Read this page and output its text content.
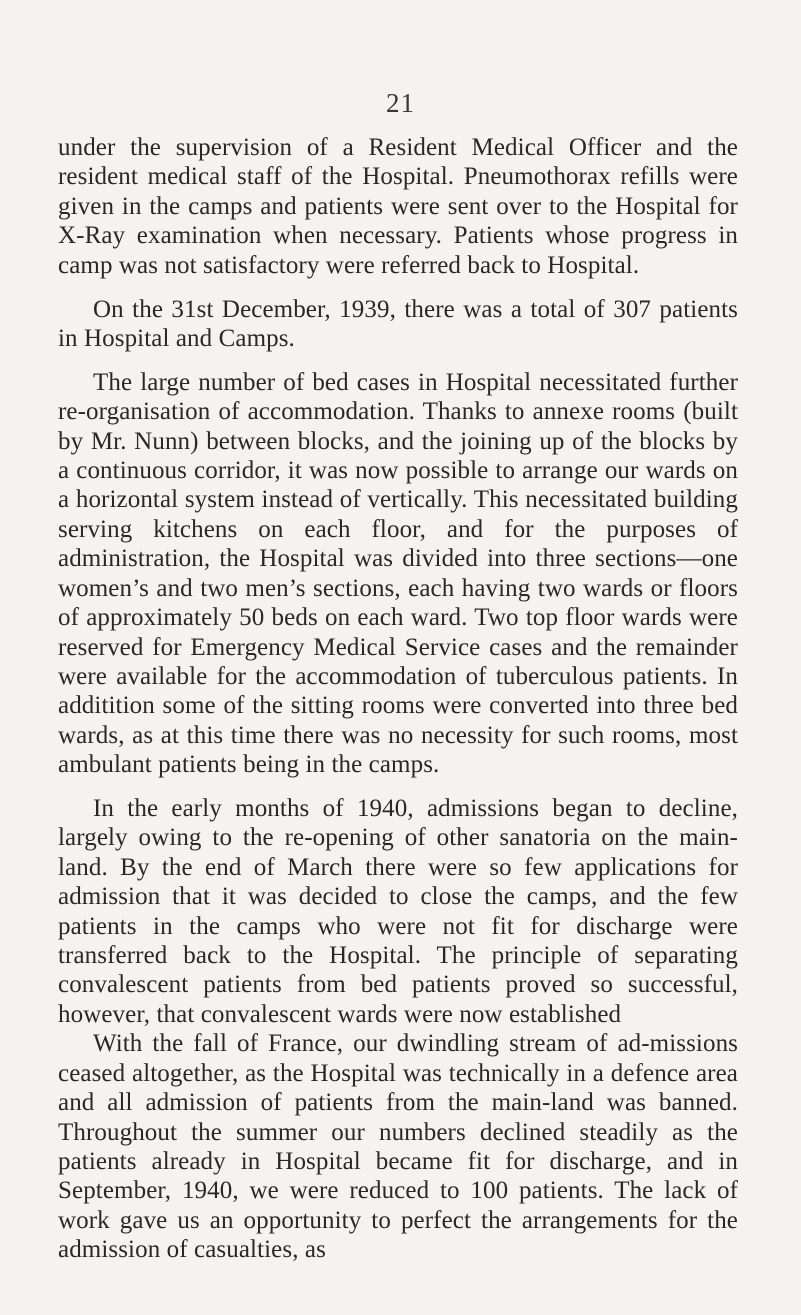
21

under the supervision of a Resident Medical Officer and the resident medical staff of the Hospital. Pneumothorax refills were given in the camps and patients were sent over to the Hospital for X-Ray examination when necessary. Patients whose progress in camp was not satisfactory were referred back to Hospital.

On the 31st December, 1939, there was a total of 307 patients in Hospital and Camps.

The large number of bed cases in Hospital necessitated further re-organisation of accommodation. Thanks to annexe rooms (built by Mr. Nunn) between blocks, and the joining up of the blocks by a continuous corridor, it was now possible to arrange our wards on a horizontal system instead of vertically. This necessitated building serving kitchens on each floor, and for the purposes of administration, the Hospital was divided into three sections—one women’s and two men’s sections, each having two wards or floors of approximately 50 beds on each ward. Two top floor wards were reserved for Emergency Medical Service cases and the remainder were available for the accommodation of tuberculous patients. In additition some of the sitting rooms were converted into three bed wards, as at this time there was no necessity for such rooms, most ambulant patients being in the camps.

In the early months of 1940, admissions began to decline, largely owing to the re-opening of other sanatoria on the main-land. By the end of March there were so few applications for admission that it was decided to close the camps, and the few patients in the camps who were not fit for discharge were transferred back to the Hospital. The principle of separating convalescent patients from bed patients proved so successful, however, that convalescent wards were now established

With the fall of France, our dwindling stream of ad-missions ceased altogether, as the Hospital was technically in a defence area and all admission of patients from the main-land was banned. Throughout the summer our numbers declined steadily as the patients already in Hospital became fit for discharge, and in September, 1940, we were reduced to 100 patients. The lack of work gave us an opportunity to perfect the arrangements for the admission of casualties, as
